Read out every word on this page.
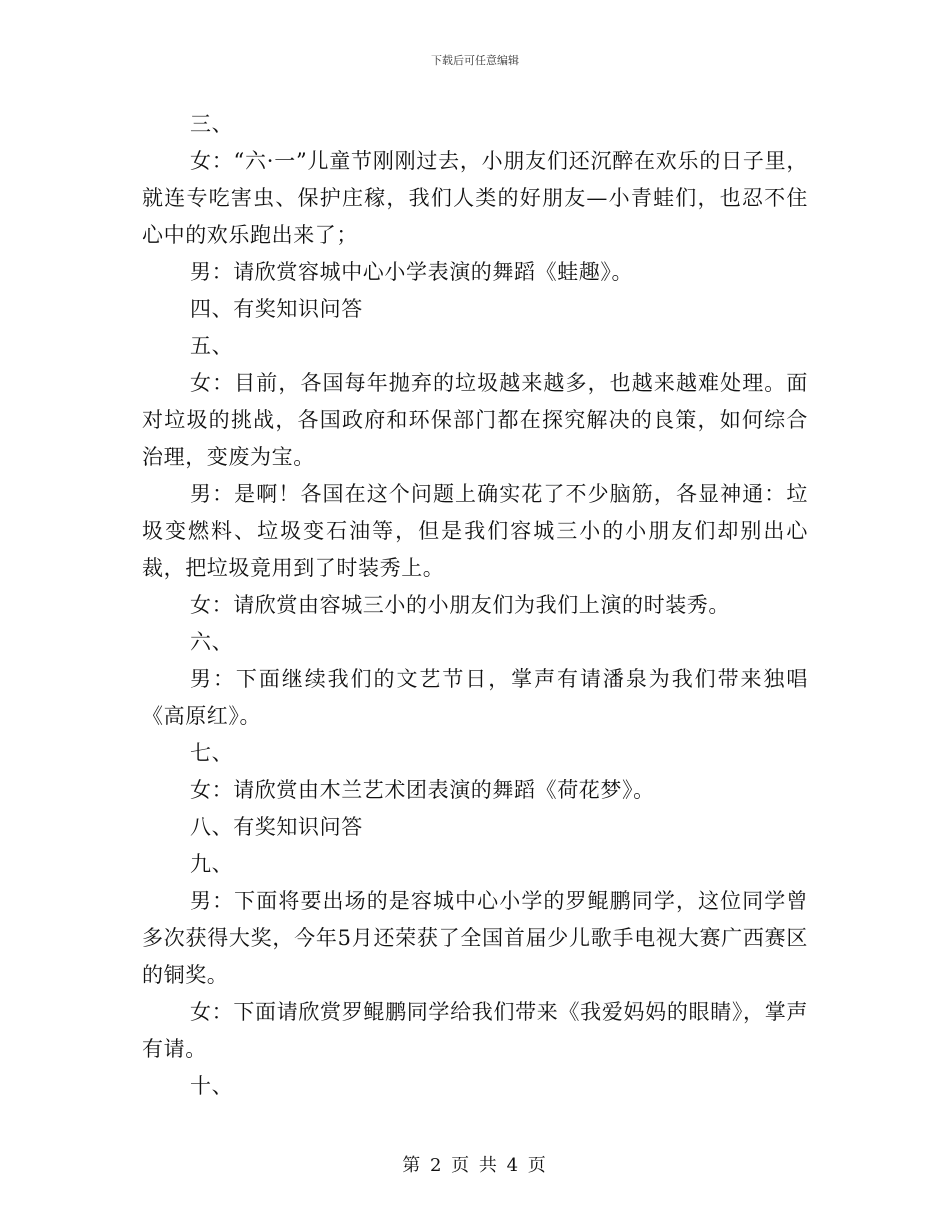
下载后可任意编辑

三、

女：“六·一”儿童节刚刚过去，小朋友们还沉醉在欢乐的日子里，就连专吃害虫、保护庄稼，我们人类的好朋友—小青蛙们，也忍不住心中的欢乐跑出来了；

男：请欣赏容城中心小学表演的舞蹈《蛙趣》。

四、有奖知识问答

五、

女：目前，各国每年抛弃的垃圾越来越多，也越来越难处理。面对垃圾的挑战，各国政府和环保部门都在探究解决的良策，如何综合治理，变废为宝。

男：是啊！各国在这个问题上确实花了不少脑筋，各显神通：垃圾变燃料、垃圾变石油等，但是我们容城三小的小朋友们却别出心裁，把垃圾竟用到了时装秀上。

女：请欣赏由容城三小的小朋友们为我们上演的时装秀。

六、

男：下面继续我们的文艺节日，掌声有请潘泉为我们带来独唱《高原红》。

七、

女：请欣赏由木兰艺术团表演的舞蹈《荷花梦》。

八、有奖知识问答

九、

男：下面将要出场的是容城中心小学的罗鲲鹏同学，这位同学曾多次获得大奖，今年5月还荣获了全国首届少儿歌手电视大赛广西赛区的铜奖。

女：下面请欣赏罗鲲鹏同学给我们带来《我爱妈妈的眼睛》，掌声有请。

十、

第 2 页 共 4 页
